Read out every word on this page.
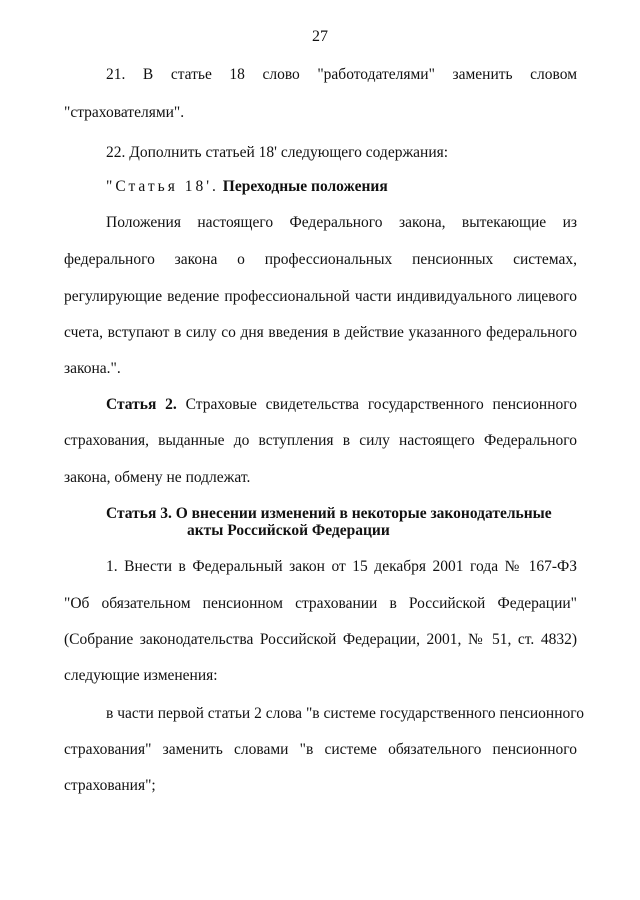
27
21. В статье 18 слово "работодателями" заменить словом
"страхователями".
22. Дополнить статьей 18' следующего содержания:
"Статья 18'. Переходные положения
Положения настоящего Федерального закона, вытекающие из
федерального закона о профессиональных пенсионных системах,
регулирующие ведение профессиональной части индивидуального лицевого
счета, вступают в силу со дня введения в действие указанного федерального
закона.".
Статья 2. Страховые свидетельства государственного пенсионного
страхования, выданные до вступления в силу настоящего Федерального
закона, обмену не подлежат.
Статья 3. О внесении изменений в некоторые законодательные
акты Российской Федерации
1. Внести в Федеральный закон от 15 декабря 2001 года № 167-ФЗ
"Об обязательном пенсионном страховании в Российской Федерации"
(Собрание законодательства Российской Федерации, 2001, № 51, ст. 4832)
следующие изменения:
в части первой статьи 2 слова "в системе государственного пенсионного
страхования" заменить словами "в системе обязательного пенсионного
страхования";
